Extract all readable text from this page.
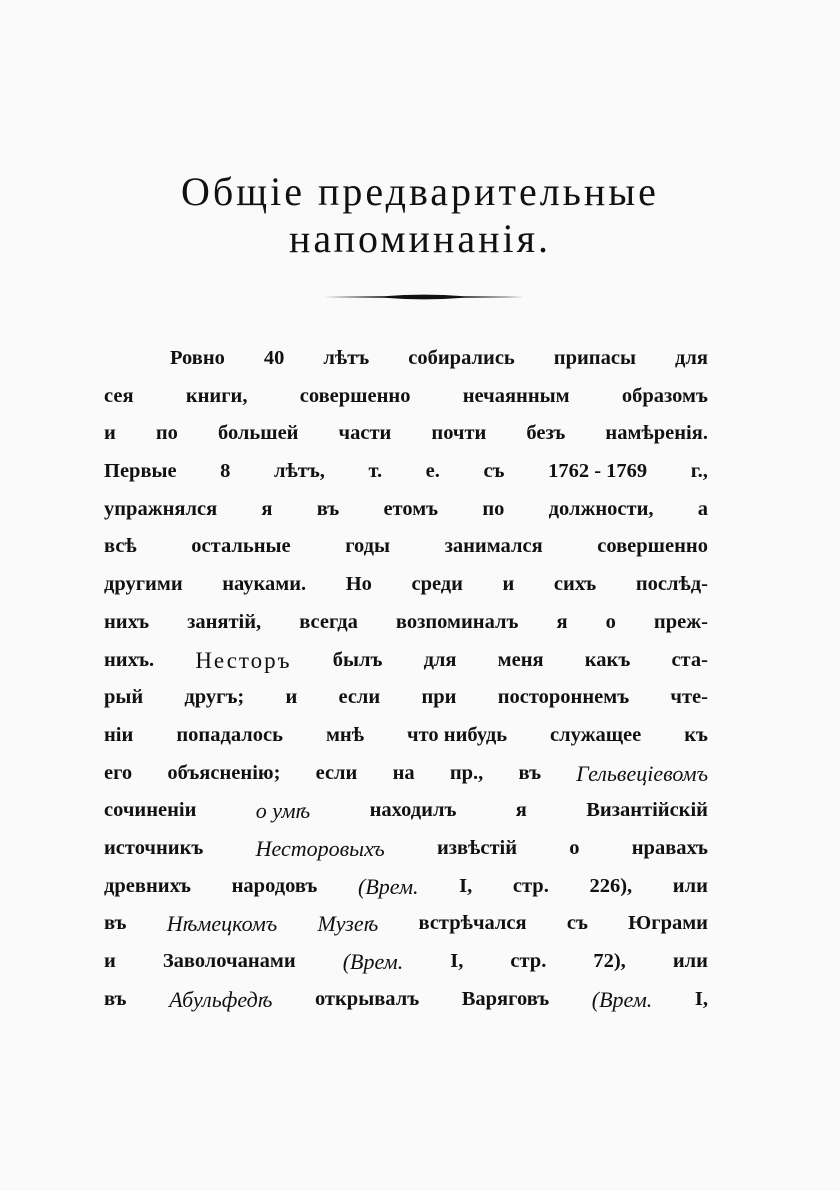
Общіе предварительные
напоминанія.
Ровно 40 лѣтъ собирались припасы для
сея	книги,	совершенно	нечаянным	образомъ
и по большей части почти безъ намѣренія.
Первые 8 лѣтъ, т. е. съ 1762 - 1769 г.,
упражнялся я въ етомъ по должности, а
всѣ	остальные	годы	занимался	совершенно
другими науками. Но среди и сихъ послѣд-
нихъ занятій, всегда возпоминалъ я о преж-
нихъ. Несторъ былъ для меня какъ ста-
рый другъ; и если при постороннемъ чте-
ніи попадалось мнѣ что нибудь служащее къ
его объясненію; если на пр., въ Гельвеціевомъ
сочиненіи	о умѣ	находилъ	я	Византійскій
источникъ Несторовыхъ	извѣстій	о	нравахъ
древнихъ народовъ (Врем. I, стр. 226), или
въ Нѣмецкомъ Музеѣ встрѣчался съ Юграми
и Заволочанами (Врем. I, стр. 72), или
въ Абульфедѣ открывалъ Варяговъ (Врем. I,
